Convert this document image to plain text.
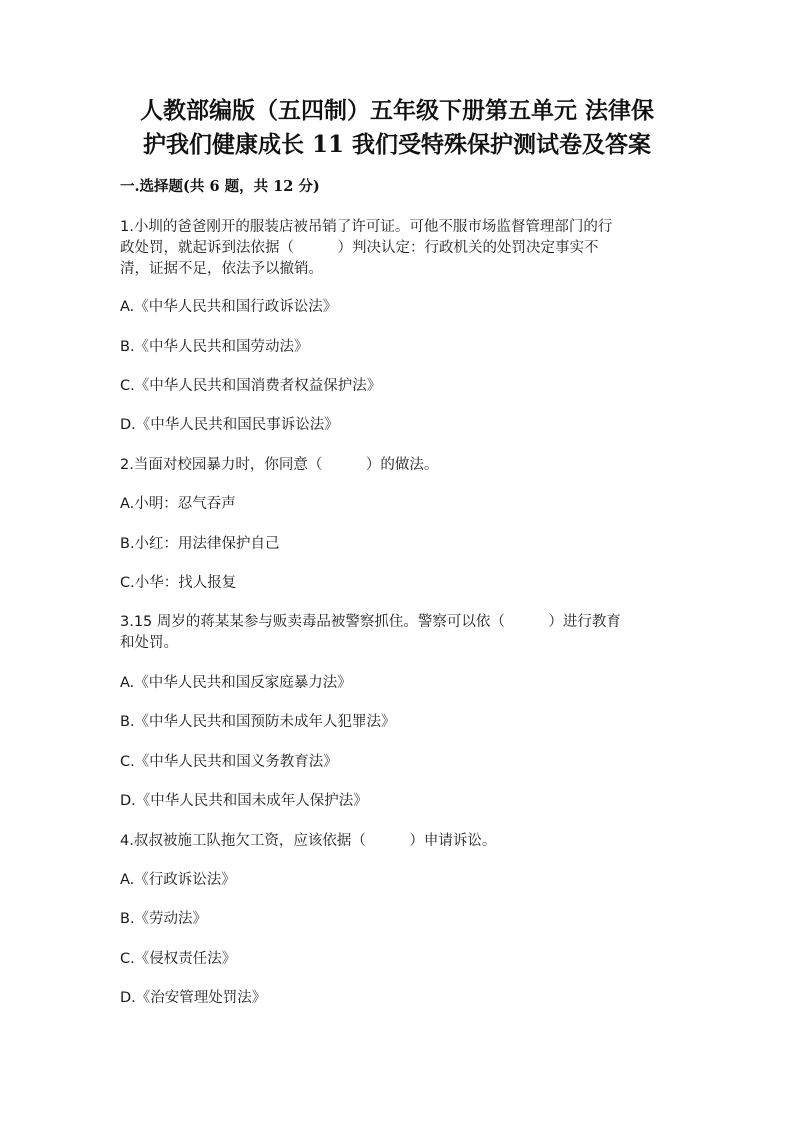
人教部编版（五四制）五年级下册第五单元 法律保
护我们健康成长 11 我们受特殊保护测试卷及答案
一.选择题(共 6 题，共 12 分)
1.小圳的爸爸刚开的服装店被吊销了许可证。可他不服市场监督管理部门的行
政处罚，就起诉到法依据（　　　）判决认定：行政机关的处罚决定事实不
清，证据不足，依法予以撤销。
A.《中华人民共和国行政诉讼法》
B.《中华人民共和国劳动法》
C.《中华人民共和国消费者权益保护法》
D.《中华人民共和国民事诉讼法》
2.当面对校园暴力时，你同意（　　　）的做法。
A.小明：忍气吞声
B.小红：用法律保护自己
C.小华：找人报复
3.15 周岁的蒋某某参与贩卖毒品被警察抓住。警察可以依（　　　）进行教育
和处罚。
A.《中华人民共和国反家庭暴力法》
B.《中华人民共和国预防未成年人犯罪法》
C.《中华人民共和国义务教育法》
D.《中华人民共和国未成年人保护法》
4.叔叔被施工队拖欠工资，应该依据（　　　）申请诉讼。
A.《行政诉讼法》
B.《劳动法》
C.《侵权责任法》
D.《治安管理处罚法》
